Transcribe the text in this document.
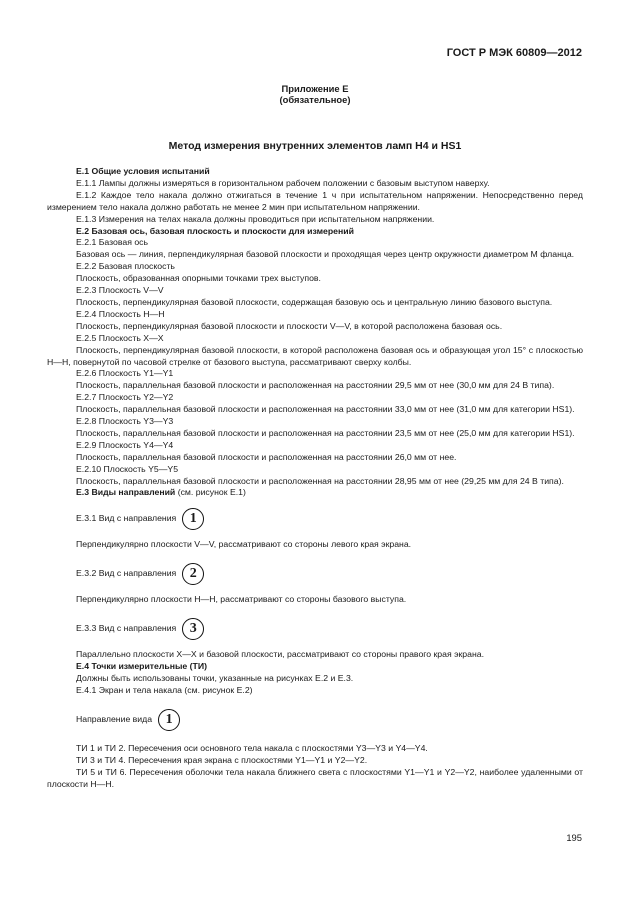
ГОСТ Р МЭК 60809—2012
Приложение Е
(обязательное)
Метод измерения внутренних элементов ламп Н4 и HS1

Е.1 Общие условия испытаний

Е.1.1 Лампы должны измеряться в горизонтальном рабочем положении с базовым выступом наверху.

Е.1.2 Каждое тело накала должно отжигаться в течение 1 ч при испытательном напряжении. Непосредственно перед измерением тело накала должно работать не менее 2 мин при испытательном напряжении.

Е.1.3 Измерения на телах накала должны проводиться при испытательном напряжении.

Е.2 Базовая ось, базовая плоскость и плоскости для измерений

Е.2.1 Базовая ось

Базовая ось — линия, перпендикулярная базовой плоскости и проходящая через центр окружности диаметром М фланца.

Е.2.2 Базовая плоскость

Плоскость, образованная опорными точками трех выступов.

Е.2.3 Плоскость V—V

Плоскость, перпендикулярная базовой плоскости, содержащая базовую ось и центральную линию базового выступа.

Е.2.4 Плоскость Н—Н

Плоскость, перпендикулярная базовой плоскости и плоскости V—V, в которой расположена базовая ось.

Е.2.5 Плоскость Х—Х

Плоскость, перпендикулярная базовой плоскости, в которой расположена базовая ось и образующая угол 15° с плоскостью Н—Н, повернутой по часовой стрелке от базового выступа, рассматривают сверху колбы.

Е.2.6 Плоскость Y1—Y1

Плоскость, параллельная базовой плоскости и расположенная на расстоянии 29,5 мм от нее (30,0 мм для 24 В типа).

Е.2.7 Плоскость Y2—Y2

Плоскость, параллельная базовой плоскости и расположенная на расстоянии 33,0 мм от нее (31,0 мм для категории HS1).

Е.2.8 Плоскость Y3—Y3

Плоскость, параллельная базовой плоскости и расположенная на расстоянии 23,5 мм от нее (25,0 мм для категории HS1).

Е.2.9 Плоскость Y4—Y4

Плоскость, параллельная базовой плоскости и расположенная на расстоянии 26,0 мм от нее.

Е.2.10 Плоскость Y5—Y5

Плоскость, параллельная базовой плоскости и расположенная на расстоянии 28,95 мм от нее (29,25 мм для 24 В типа).

Е.3 Виды направлений (см. рисунок Е.1)

Е.3.1 Вид с направления 1

Перпендикулярно плоскости V—V, рассматривают со стороны левого края экрана.

Е.3.2 Вид с направления 2

Перпендикулярно плоскости Н—Н, рассматривают со стороны базового выступа.

Е.3.3 Вид с направления 3

Параллельно плоскости Х—Х и базовой плоскости, рассматривают со стороны правого края экрана.

Е.4 Точки измерительные (ТИ)

Должны быть использованы точки, указанные на рисунках Е.2 и Е.3.

Е.4.1 Экран и тела накала (см. рисунок Е.2)

Направление вида 1

ТИ 1 и ТИ 2. Пересечения оси основного тела накала с плоскостями Y3—Y3 и Y4—Y4.

ТИ 3 и ТИ 4. Пересечения края экрана с плоскостями Y1—Y1 и Y2—Y2.

ТИ 5 и ТИ 6. Пересечения оболочки тела накала ближнего света с плоскостями Y1—Y1 и Y2—Y2, наиболее удаленными от плоскости Н—Н.

195
